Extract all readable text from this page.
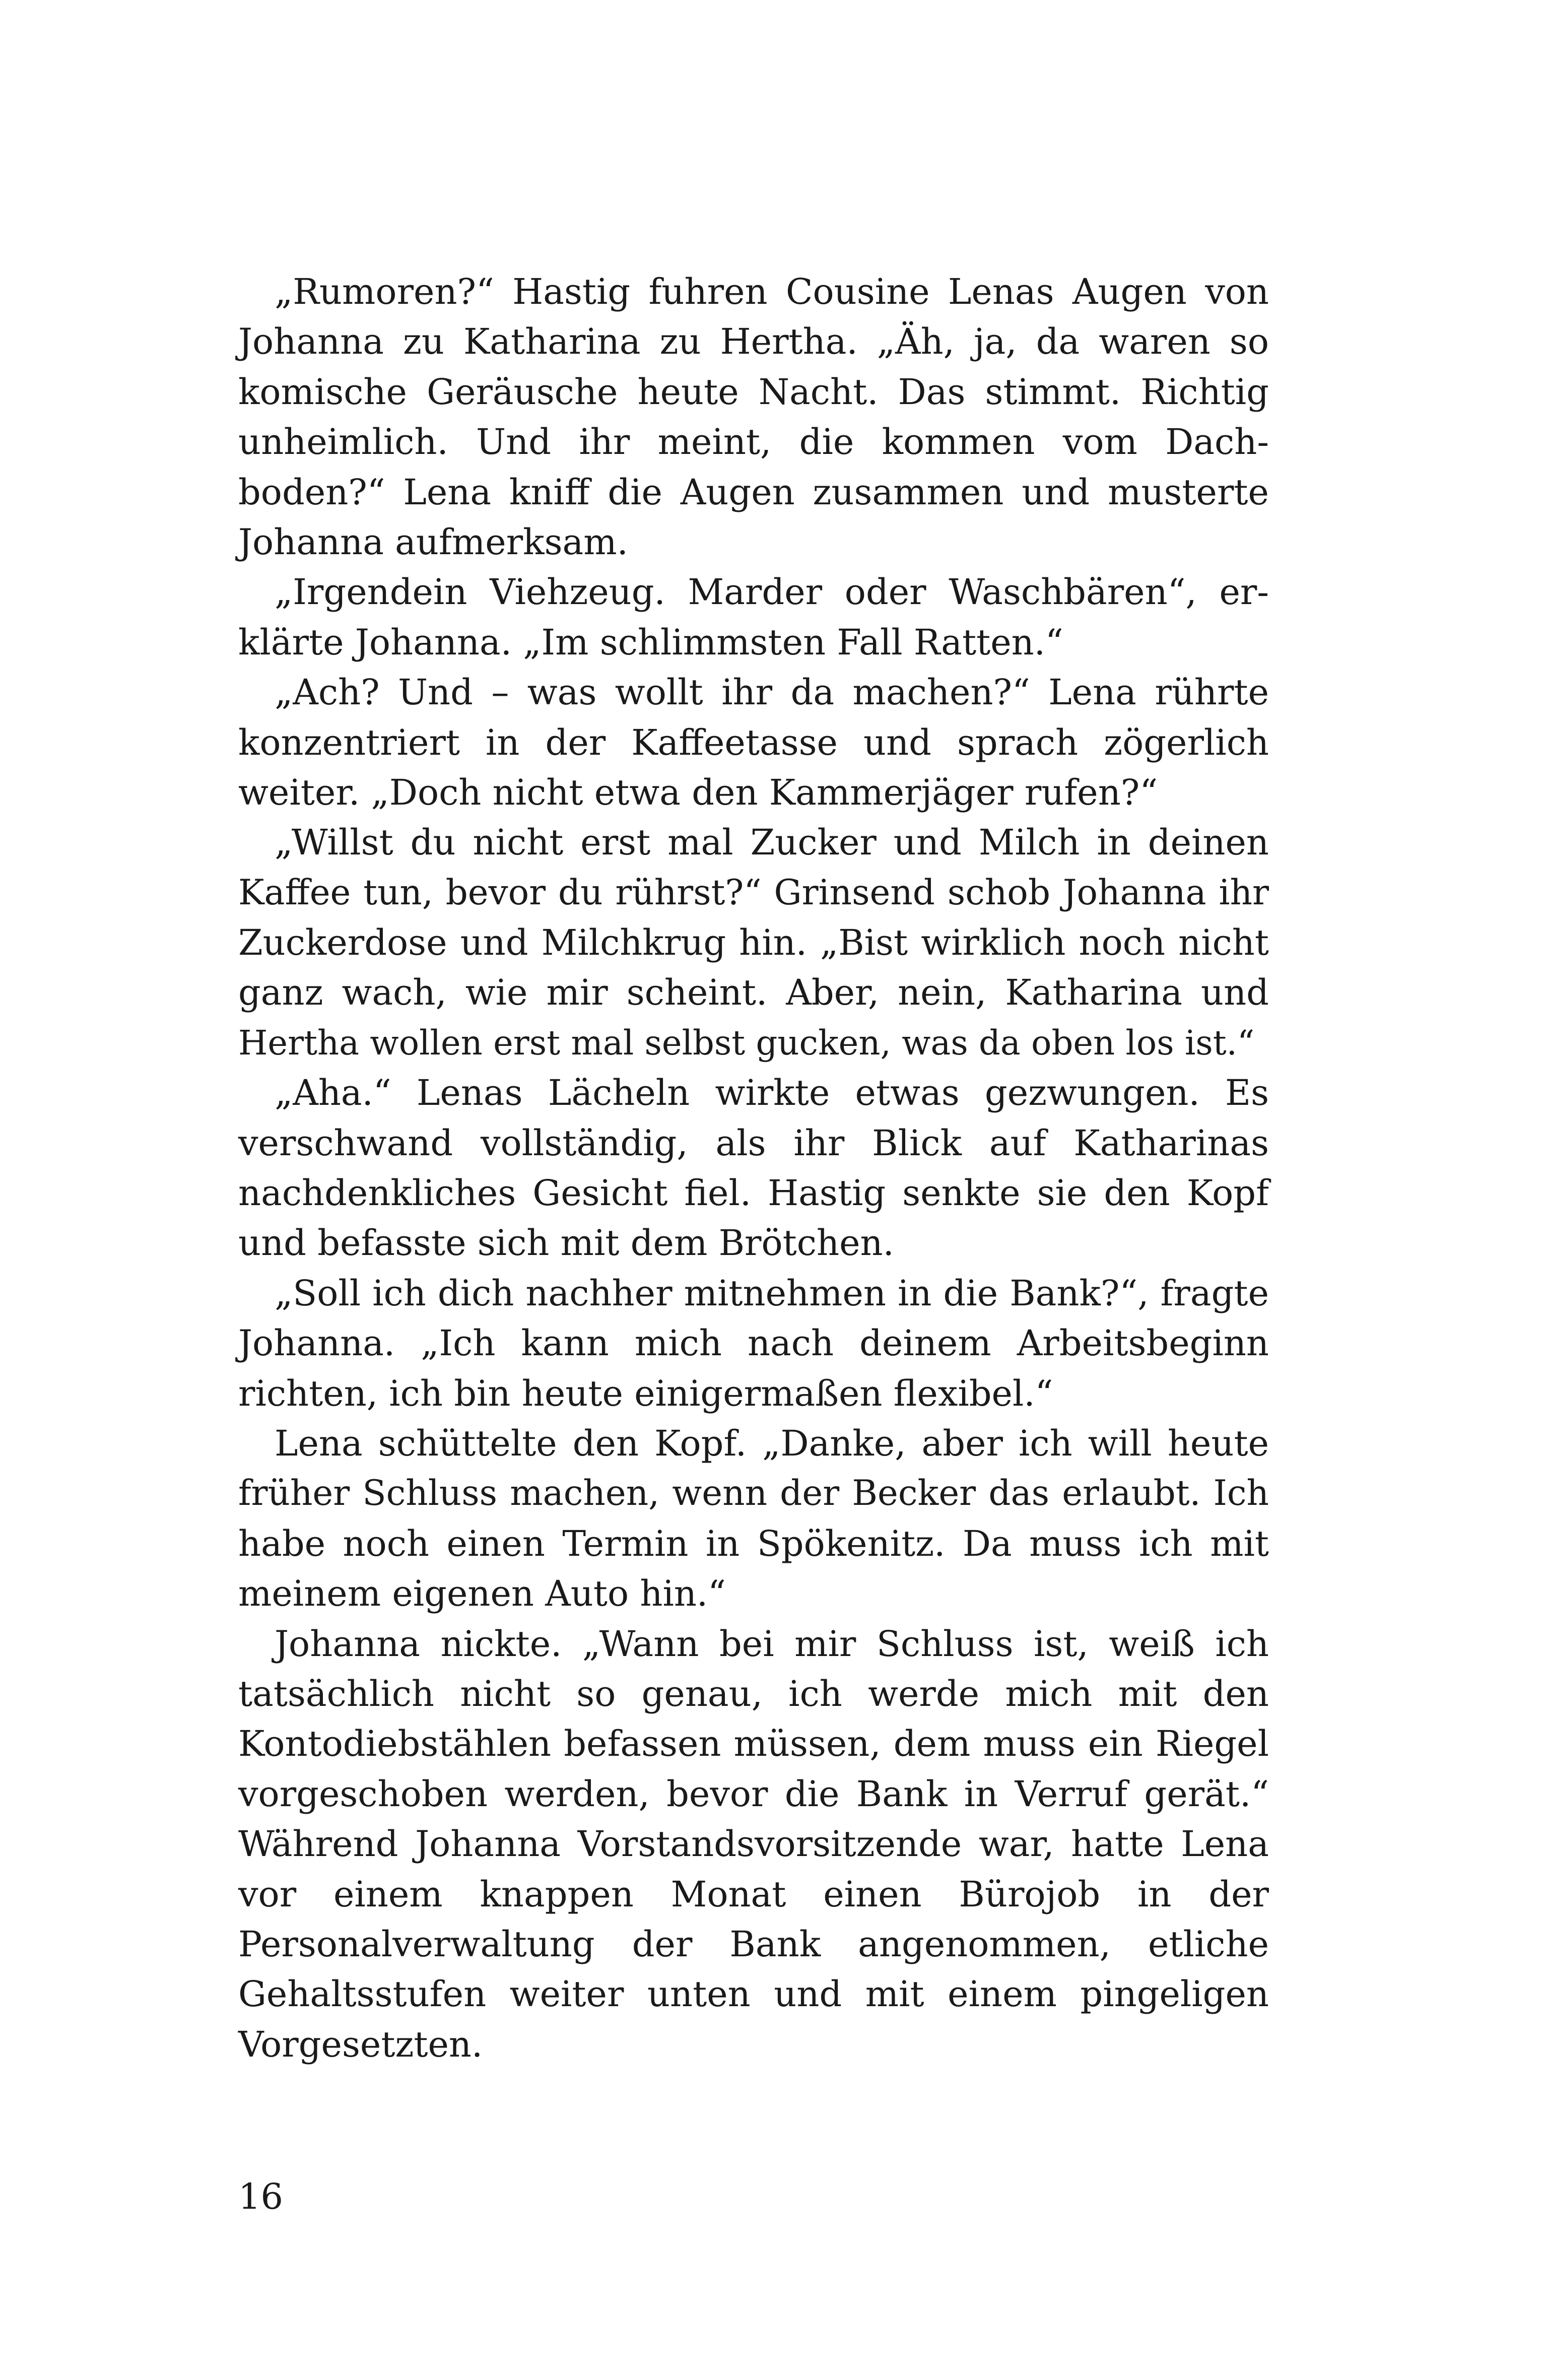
„Rumoren?“ Hastig fuhren Cousine Lenas Augen von
Johanna zu Katharina zu Hertha. „Äh, ja, da waren so
komische Geräusche heute Nacht. Das stimmt. Richtig
unheimlich. Und ihr meint, die kommen vom Dach-
boden?“ Lena kniff die Augen zusammen und musterte
Johanna aufmerksam.
„Irgendein Viehzeug. Marder oder Waschbären“, er-
klärte Johanna. „Im schlimmsten Fall Ratten.“
„Ach? Und – was wollt ihr da machen?“ Lena rührte
konzentriert in der Kaffeetasse und sprach zögerlich
weiter. „Doch nicht etwa den Kammerjäger rufen?“
„Willst du nicht erst mal Zucker und Milch in deinen
Kaffee tun, bevor du rührst?“ Grinsend schob Johanna ihr
Zuckerdose und Milchkrug hin. „Bist wirklich noch nicht
ganz wach, wie mir scheint. Aber, nein, Katharina und
Hertha wollen erst mal selbst gucken, was da oben los ist.“
„Aha.“ Lenas Lächeln wirkte etwas gezwungen. Es
verschwand vollständig, als ihr Blick auf Katharinas
nachdenkliches Gesicht fiel. Hastig senkte sie den Kopf
und befasste sich mit dem Brötchen.
„Soll ich dich nachher mitnehmen in die Bank?“, fragte
Johanna. „Ich kann mich nach deinem Arbeitsbeginn
richten, ich bin heute einigermaßen flexibel.“
Lena schüttelte den Kopf. „Danke, aber ich will heute
früher Schluss machen, wenn der Becker das erlaubt. Ich
habe noch einen Termin in Spökenitz. Da muss ich mit
meinem eigenen Auto hin.“
Johanna nickte. „Wann bei mir Schluss ist, weiß ich
tatsächlich nicht so genau, ich werde mich mit den
Kontodiebstählen befassen müssen, dem muss ein Riegel
vorgeschoben werden, bevor die Bank in Verruf gerät.“
Während Johanna Vorstandsvorsitzende war, hatte Lena
vor einem knappen Monat einen Bürojob in der
Personalverwaltung der Bank angenommen, etliche
Gehaltsstufen weiter unten und mit einem pingeligen
Vorgesetzten.
16
